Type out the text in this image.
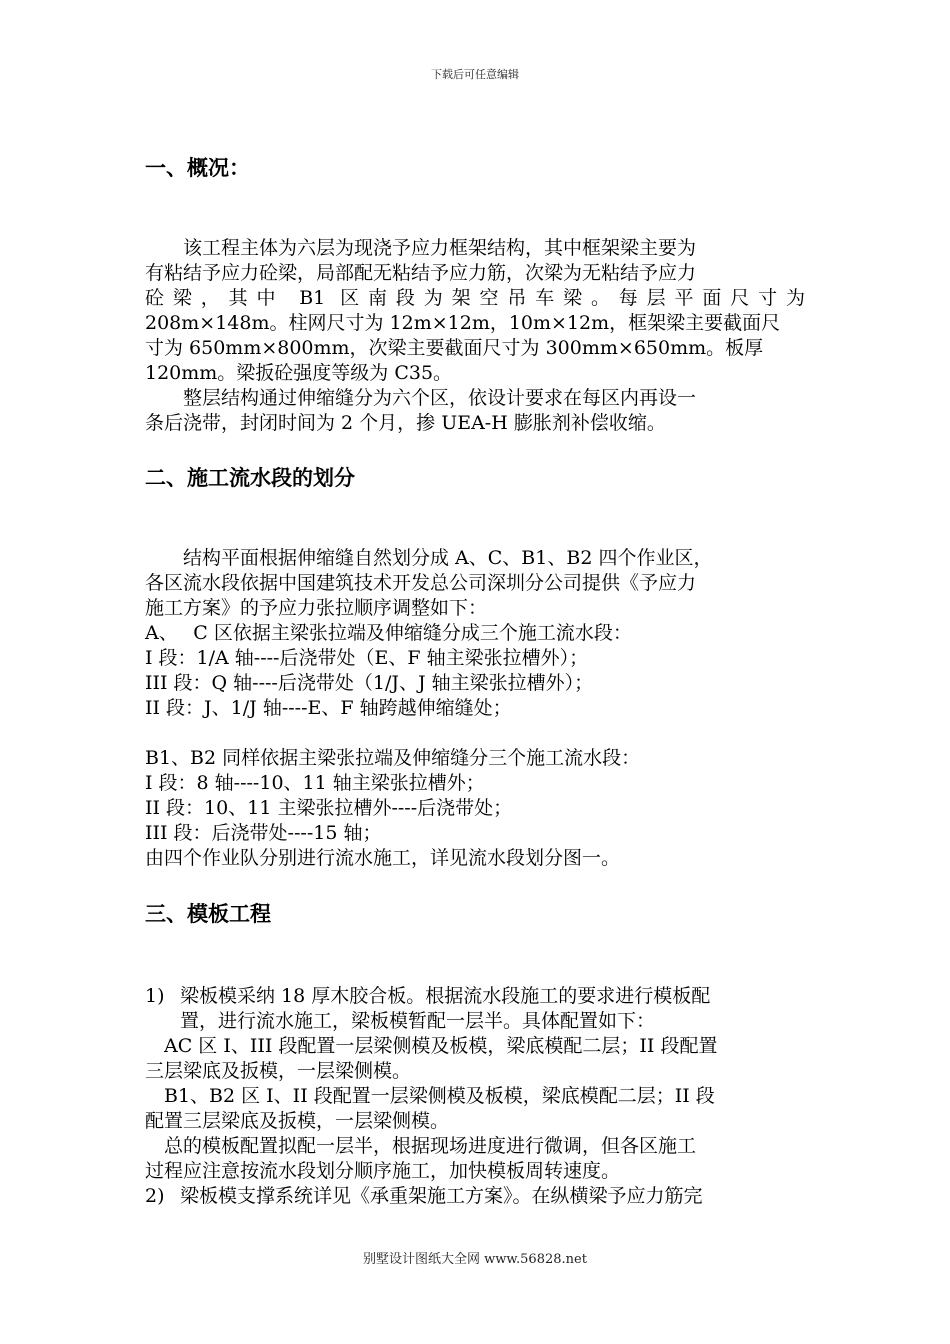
下载后可任意编辑
一、概况：
　　该工程主体为六层为现浇予应力框架结构，其中框架梁主要为
有粘结予应力砼梁，局部配无粘结予应力筋，次梁为无粘结予应力
砼梁，其中 B1 区南段为架空吊车梁。每层平面尺寸为
208m×148m。柱网尺寸为 12m×12m，10m×12m，框架梁主要截面尺
寸为 650mm×800mm，次梁主要截面尺寸为 300mm×650mm。板厚
120mm。梁扳砼强度等级为 C35。
　　整层结构通过伸缩缝分为六个区，依设计要求在每区内再设一
条后浇带，封闭时间为 2 个月，掺 UEA-H 膨胀剂补偿收缩。
二、施工流水段的划分
　　结构平面根据伸缩缝自然划分成 A、C、B1、B2 四个作业区，
各区流水段依据中国建筑技术开发总公司深圳分公司提供《予应力
施工方案》的予应力张拉顺序调整如下：
A、　 C 区依据主梁张拉端及伸缩缝分成三个施工流水段：
I 段：1/A 轴----后浇带处（E、F 轴主梁张拉槽外）；
III 段：Q 轴----后浇带处（1/J、J 轴主梁张拉槽外）；
II 段：J、1/J 轴----E、F 轴跨越伸缩缝处；
B1、B2 同样依据主梁张拉端及伸缩缝分三个施工流水段：
I 段：8 轴----10、11 轴主梁张拉槽外；
II 段：10、11 主梁张拉槽外----后浇带处；
III 段：后浇带处----15 轴；
由四个作业队分别进行流水施工，详见流水段划分图一。
三、模板工程
1) 梁板模采纳 18 厚木胶合板。根据流水段施工的要求进行模板配
置，进行流水施工，梁板模暂配一层半。具体配置如下：
　AC 区 I、III 段配置一层梁侧模及板模，梁底模配二层；II 段配置
三层梁底及扳模，一层梁侧模。
　B1、B2 区 I、II 段配置一层梁侧模及板模，梁底模配二层；II 段
配置三层梁底及扳模，一层梁侧模。
　总的模板配置拟配一层半，根据现场进度进行微调，但各区施工
过程应注意按流水段划分顺序施工，加快模板周转速度。
2) 梁板模支撑系统详见《承重架施工方案》。在纵横梁予应力筋完
别墅设计图纸大全网 www.56828.net
